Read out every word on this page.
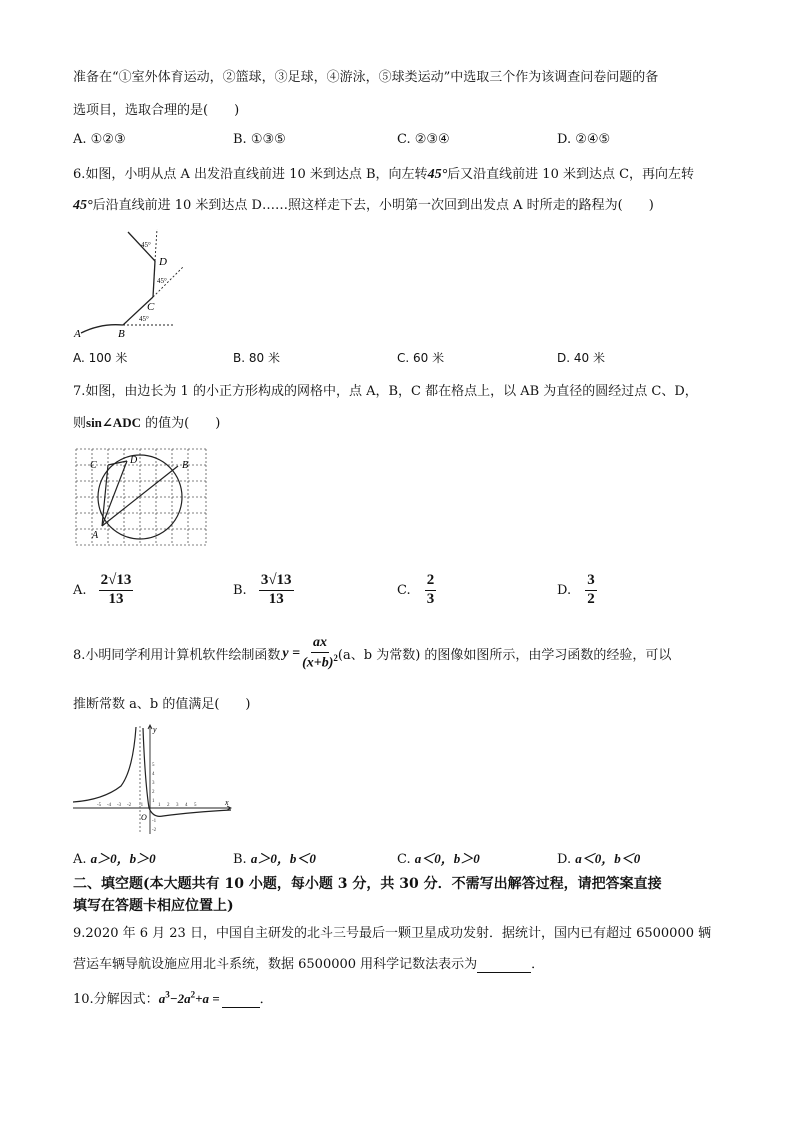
准备在“①室外体育运动，②篮球，③足球，④游泳，⑤球类运动”中选取三个作为该调查问卷问题的备
选项目，选取合理的是(　　)
A. ①②③	B. ①③⑤	C. ②③④	D. ②④⑤
6.如图，小明从点 A 出发沿直线前进 10 米到达点 B，向左转45°后又沿直线前进 10 米到达点 C，再向左转
45°后沿直线前进 10 米到达点 D……照这样走下去，小明第一次回到出发点 A 时所走的路程为(　　)
A	B
C
D
45°
45°
45°
A. 100 米	B. 80 米	C. 60 米	D. 40 米
7.如图，由边长为 1 的小正方形构成的网格中，点 A，B，C 都在格点上，以 AB 为直径的圆经过点 C、D，
则sin∠ADC 的值为(　　)
C	D	B
A
A. $\frac{2√13}{13}$	B. $\frac{3√13}{13}$	C. $\frac{2}{3}$	D. $\frac{3}{2}$
8.小明同学利用计算机软件绘制函数 $y = \frac{ax}{(x+b)^2} (a$、b 为常数) 的图像如图所示，由学习函数的经验，可以
推断常数 a、b 的值满足(　　)
y
x
O
-5 -4 -3 -2 -1	1 2 3 4 5
5
4
3
2
1
-1
-2
A. a＞0，b＞0	B. a＞0，b＜0	C. a＜0，b＞0	D. a＜0，b＜0
二、填空题(本大题共有 10 小题，每小题 3 分，共 30 分．不需写出解答过程，请把答案直接
填写在答题卡相应位置上)
9.2020 年 6 月 23 日，中国自主研发的北斗三号最后一颗卫星成功发射．据统计，国内已有超过 6500000 辆
营运车辆导航设施应用北斗系统，数据 6500000 用科学记数法表示为	．
10.分解因式：$a^3-2a^2+a$ =	．
